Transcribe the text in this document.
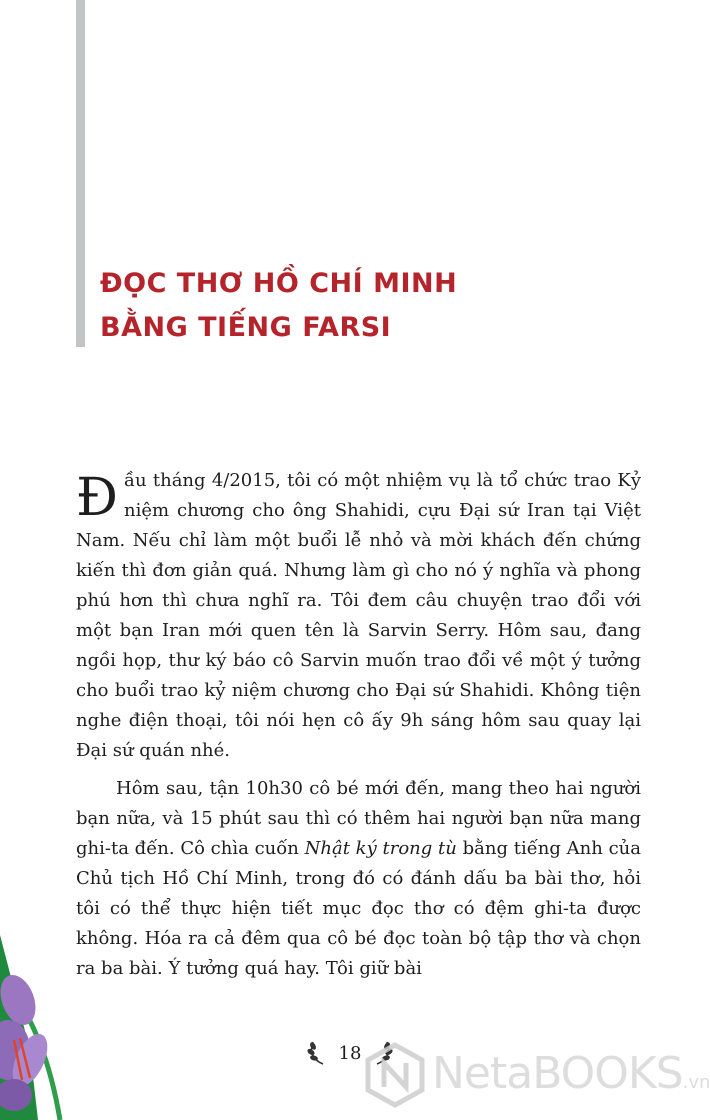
ĐỌC THƠ HỒ CHÍ MINH
BẰNG TIẾNG FARSI

Đầu tháng 4/2015, tôi có một nhiệm vụ là tổ chức trao Kỷ niệm chương cho ông Shahidi, cựu Đại sứ Iran tại Việt Nam. Nếu chỉ làm một buổi lễ nhỏ và mời khách đến chứng kiến thì đơn giản quá. Nhưng làm gì cho nó ý nghĩa và phong phú hơn thì chưa nghĩ ra. Tôi đem câu chuyện trao đổi với một bạn Iran mới quen tên là Sarvin Serry. Hôm sau, đang ngồi họp, thư ký báo cô Sarvin muốn trao đổi về một ý tưởng cho buổi trao kỷ niệm chương cho Đại sứ Shahidi. Không tiện nghe điện thoại, tôi nói hẹn cô ấy 9h sáng hôm sau quay lại Đại sứ quán nhé.

Hôm sau, tận 10h30 cô bé mới đến, mang theo hai người bạn nữa, và 15 phút sau thì có thêm hai người bạn nữa mang ghi-ta đến. Cô chìa cuốn Nhật ký trong tù bằng tiếng Anh của Chủ tịch Hồ Chí Minh, trong đó có đánh dấu ba bài thơ, hỏi tôi có thể thực hiện tiết mục đọc thơ có đệm ghi-ta được không. Hóa ra cả đêm qua cô bé đọc toàn bộ tập thơ và chọn ra ba bài. Ý tưởng quá hay. Tôi giữ bài

18	NetaBOOKS.vn
